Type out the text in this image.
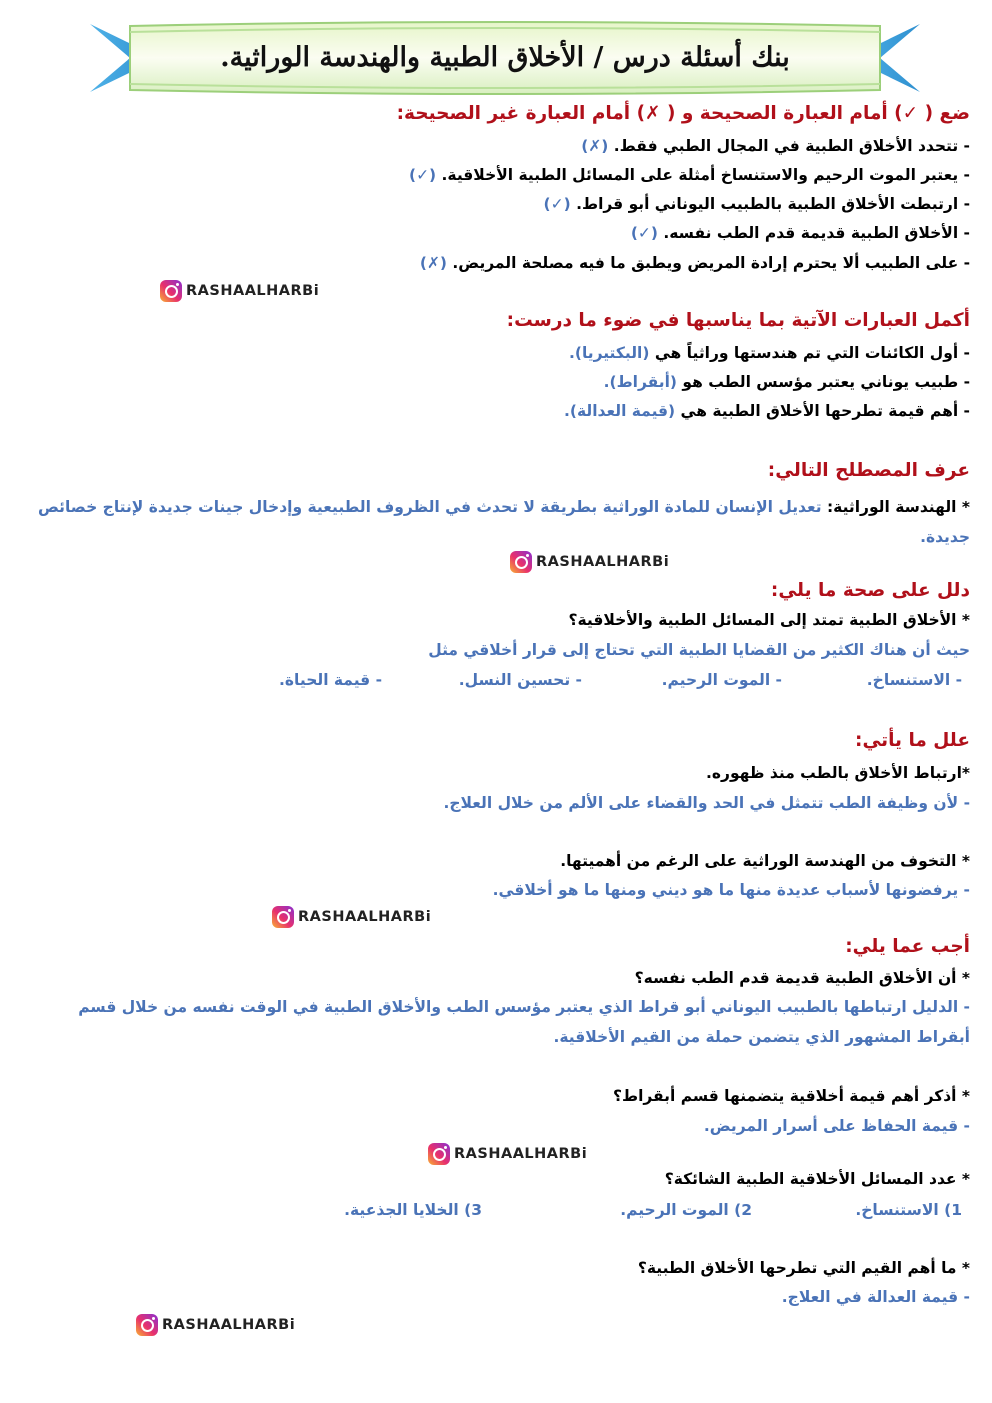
بنك أسئلة درس / الأخلاق الطبية والهندسة الوراثية.
ضع ( ✓) أمام العبارة الصحيحة و ( ✗) أمام العبارة غير الصحيحة:
- تتحدد الأخلاق الطبية في المجال الطبي فقط. (✗)
- يعتبر الموت الرحيم والاستنساخ أمثلة على المسائل الطبية الأخلاقية. (✓)
- ارتبطت الأخلاق الطبية بالطبيب اليوناني أبو قراط. (✓)
- الأخلاق الطبية قديمة قدم الطب نفسه. (✓)
- على الطبيب ألا يحترم إرادة المريض ويطبق ما فيه مصلحة المريض. (✗)
RASHAALHARBi
أكمل العبارات الآتية بما يناسبها في ضوء ما درست:
- أول الكائنات التي تم هندستها وراثياً هي (البكتيريا).
- طبيب يوناني يعتبر مؤسس الطب هو (أبقراط).
- أهم قيمة تطرحها الأخلاق الطبية هي (قيمة العدالة).
عرف المصطلح التالي:
* الهندسة الوراثية: تعديل الإنسان للمادة الوراثية بطريقة لا تحدث في الظروف الطبيعية وإدخال جينات جديدة لإنتاج خصائص جديدة.
RASHAALHARBi
دلل على صحة ما يلي:
* الأخلاق الطبية تمتد إلى المسائل الطبية والأخلاقية؟
حيث أن هناك الكثير من القضايا الطبية التي تحتاج إلى قرار أخلاقي مثل
- الاستنساخ.
- الموت الرحيم.
- تحسين النسل.
- قيمة الحياة.
علل ما يأتي:
*ارتباط الأخلاق بالطب منذ ظهوره.
- لأن وظيفة الطب تتمثل في الحد والقضاء على الألم من خلال العلاج.
* التخوف من الهندسة الوراثية على الرغم من أهميتها.
- يرفضونها لأسباب عديدة منها ما هو ديني ومنها ما هو أخلاقي.
RASHAALHARBi
أجب عما يلي:
* أن الأخلاق الطبية قديمة قدم الطب نفسه؟
- الدليل ارتباطها بالطبيب اليوناني أبو قراط الذي يعتبر مؤسس الطب والأخلاق الطبية في الوقت نفسه من خلال قسم أبقراط المشهور الذي يتضمن حملة من القيم الأخلاقية.
* أذكر أهم قيمة أخلاقية يتضمنها قسم أبقراط؟
- قيمة الحفاظ على أسرار المريض.
RASHAALHARBi
* عدد المسائل الأخلاقية الطبية الشائكة؟
1) الاستنساخ.
2) الموت الرحيم.
3) الخلايا الجذعية.
* ما أهم القيم التي تطرحها الأخلاق الطبية؟
- قيمة العدالة في العلاج.
RASHAALHARBi
